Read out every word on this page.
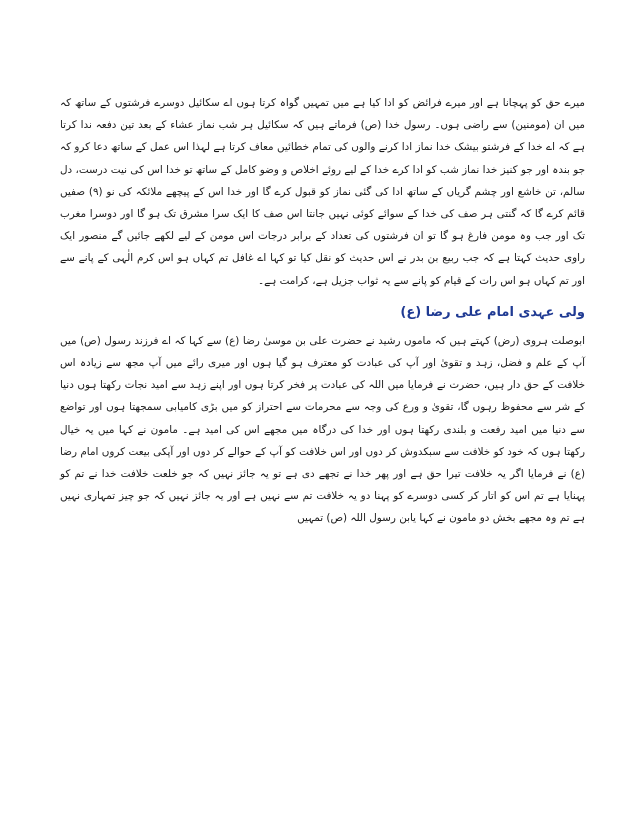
میرے حق کو پہچانا ہے اور میرے فرائض کو ادا کیا ہے میں تمہیں گواہ کرتا ہوں اے سکائیل دوسرے فرشتوں کے ساتھ کہ میں ان (مومنین) سے راضی ہوں۔ رسول خدا (ص) فرماتے ہیں کہ سکائیل ہر شب نماز عشاء کے بعد تین دفعہ ندا کرتا ہے کہ اے خدا کے فرشتو بیشک خدا نماز ادا کرنے والوں کی تمام خطائیں معاف کرتا ہے لہذا اس عمل کے ساتھ دعا کرو کہ جو بندہ اور جو کنیز خدا نماز شب کو ادا کرے خدا کے لیے روئے اخلاص و وضو کامل کے ساتھ تو خدا اس کی نیت درست، دل سالم، تن خاشع اور چشم گریاں کے ساتھ ادا کی گئی نماز کو قبول کرے گا اور خدا اس کے پیچھے ملائکہ کی نو (۹) صفیں قائم کرے گا کہ گنتی ہر صف کی خدا کے سوائے کوئی نہیں جانتا اس صف کا ایک سرا مشرق تک ہو گا اور دوسرا مغرب تک اور جب وہ مومن فارغ ہو گا تو ان فرشتوں کی تعداد کے برابر درجات اس مومن کے لیے لکھے جائیں گے منصور ایک راوی حدیث کہتا ہے کہ جب ربیع بن بدر نے اس حدیث کو نقل کیا تو کہا اے غافل تم کہاں ہو اس کرم الٰہی کے پانے سے اور تم کہاں ہو اس رات کے قیام کو پانے سے یہ ثواب جزیل ہے، کرامت ہے۔

ولی عہدی امام علی رضا (ع)

ابوصلت ہروی (رض) کہتے ہیں کہ ماموں رشید نے حضرت علی بن موسیٰ رضا (ع) سے کہا کہ اے فرزند رسول (ص) میں آپ کے علم و فضل، زہد و تقویٰ اور آپ کی عبادت کو معترف ہو گیا ہوں اور میری رائے میں آپ مجھ سے زیادہ اس خلافت کے حق دار ہیں، حضرت نے فرمایا میں اللہ کی عبادت پر فخر کرتا ہوں اور اپنے زہد سے امید نجات رکھتا ہوں دنیا کے شر سے محفوظ رہوں گا، تقویٰ و ورع کی وجہ سے محرمات سے احتراز کو میں بڑی کامیابی سمجھتا ہوں اور تواضع سے دنیا میں امید رفعت و بلندی رکھتا ہوں اور خدا کی درگاہ میں مجھے اس کی امید ہے۔ مامون نے کہا میں یہ خیال رکھتا ہوں کہ خود کو خلافت سے سبکدوش کر دوں اور اس خلافت کو آپ کے حوالے کر دوں اور آپکی بیعت کروں امام رضا (ع) نے فرمایا اگر یہ خلافت تیرا حق ہے اور پھر خدا نے تجھے دی ہے تو یہ جائز نہیں کہ جو خلعت خلافت خدا نے تم کو پہنایا ہے تم اس کو اتار کر کسی دوسرے کو پہنا دو یہ خلافت تم سے نہیں ہے اور یہ جائز نہیں کہ جو چیز تمہاری نہیں ہے تم وہ مجھے بخش دو مامون نے کہا یابن رسول اللہ (ص) تمہیں
